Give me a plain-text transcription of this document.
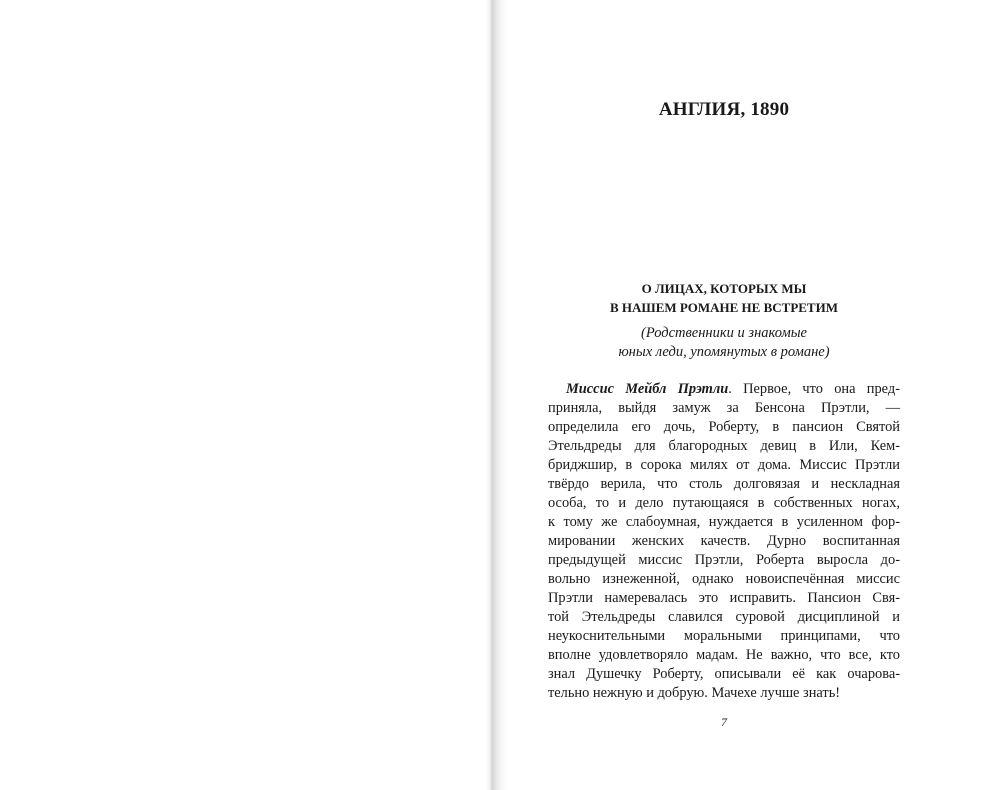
АНГЛИЯ, 1890
О ЛИЦАХ, КОТОРЫХ МЫ
В НАШЕМ РОМАНЕ НЕ ВСТРЕТИМ
(Родственники и знакомые
юных леди, упомянутых в романе)
Миссис Мейбл Прэтли. Первое, что она пред-
приняла, выйдя замуж за Бенсона Прэтли, —
определила его дочь, Роберту, в пансион Святой
Этельдреды для благородных девиц в Или, Кем-
бриджшир, в сорока милях от дома. Миссис Прэтли
твёрдо верила, что столь долговязая и нескладная
особа, то и дело путающаяся в собственных ногах,
к тому же слабоумная, нуждается в усиленном фор-
мировании женских качеств. Дурно воспитанная
предыдущей миссис Прэтли, Роберта выросла до-
вольно изнеженной, однако новоиспечённая миссис
Прэтли намеревалась это исправить. Пансион Свя-
той Этельдреды славился суровой дисциплиной и
неукоснительными моральными принципами, что
вполне удовлетворяло мадам. Не важно, что все, кто
знал Душечку Роберту, описывали её как очарова-
тельно нежную и добрую. Мачехе лучше знать!
7
